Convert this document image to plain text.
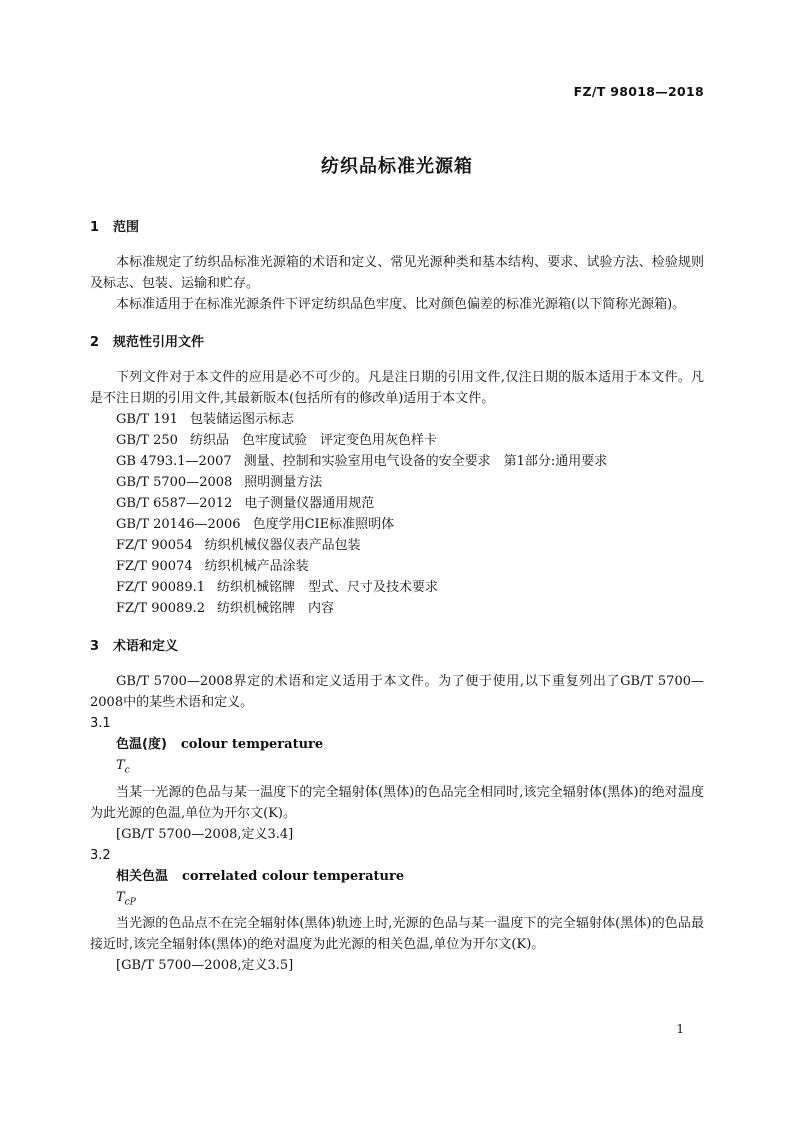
FZ/T 98018—2018
纺织品标准光源箱
1 范围

本标准规定了纺织品标准光源箱的术语和定义、常见光源种类和基本结构、要求、试验方法、检验规则及标志、包装、运输和贮存。

本标准适用于在标准光源条件下评定纺织品色牢度、比对颜色偏差的标准光源箱(以下简称光源箱)。

2 规范性引用文件

下列文件对于本文件的应用是必不可少的。凡是注日期的引用文件,仅注日期的版本适用于本文件。凡是不注日期的引用文件,其最新版本(包括所有的修改单)适用于本文件。

GB/T 191 包装储运图示标志
GB/T 250 纺织品　色牢度试验　评定变色用灰色样卡
GB 4793.1—2007 测量、控制和实验室用电气设备的安全要求　第1部分:通用要求
GB/T 5700—2008 照明测量方法
GB/T 6587—2012 电子测量仪器通用规范
GB/T 20146—2006 色度学用CIE标准照明体
FZ/T 90054 纺织机械仪器仪表产品包装
FZ/T 90074 纺织机械产品涂装
FZ/T 90089.1 纺织机械铭牌　型式、尺寸及技术要求
FZ/T 90089.2 纺织机械铭牌　内容
3 术语和定义

GB/T 5700—2008界定的术语和定义适用于本文件。为了便于使用,以下重复列出了GB/T 5700—2008中的某些术语和定义。

3.1
色温(度) colour temperature
$T_c$

当某一光源的色品与某一温度下的完全辐射体(黑体)的色品完全相同时,该完全辐射体(黑体)的绝对温度为此光源的色温,单位为开尔文(K)。

[GB/T 5700—2008,定义3.4]
3.2
相关色温 correlated colour temperature
$T_{cP}$

当光源的色品点不在完全辐射体(黑体)轨迹上时,光源的色品与某一温度下的完全辐射体(黑体)的色品最接近时,该完全辐射体(黑体)的绝对温度为此光源的相关色温,单位为开尔文(K)。

[GB/T 5700—2008,定义3.5]
1
